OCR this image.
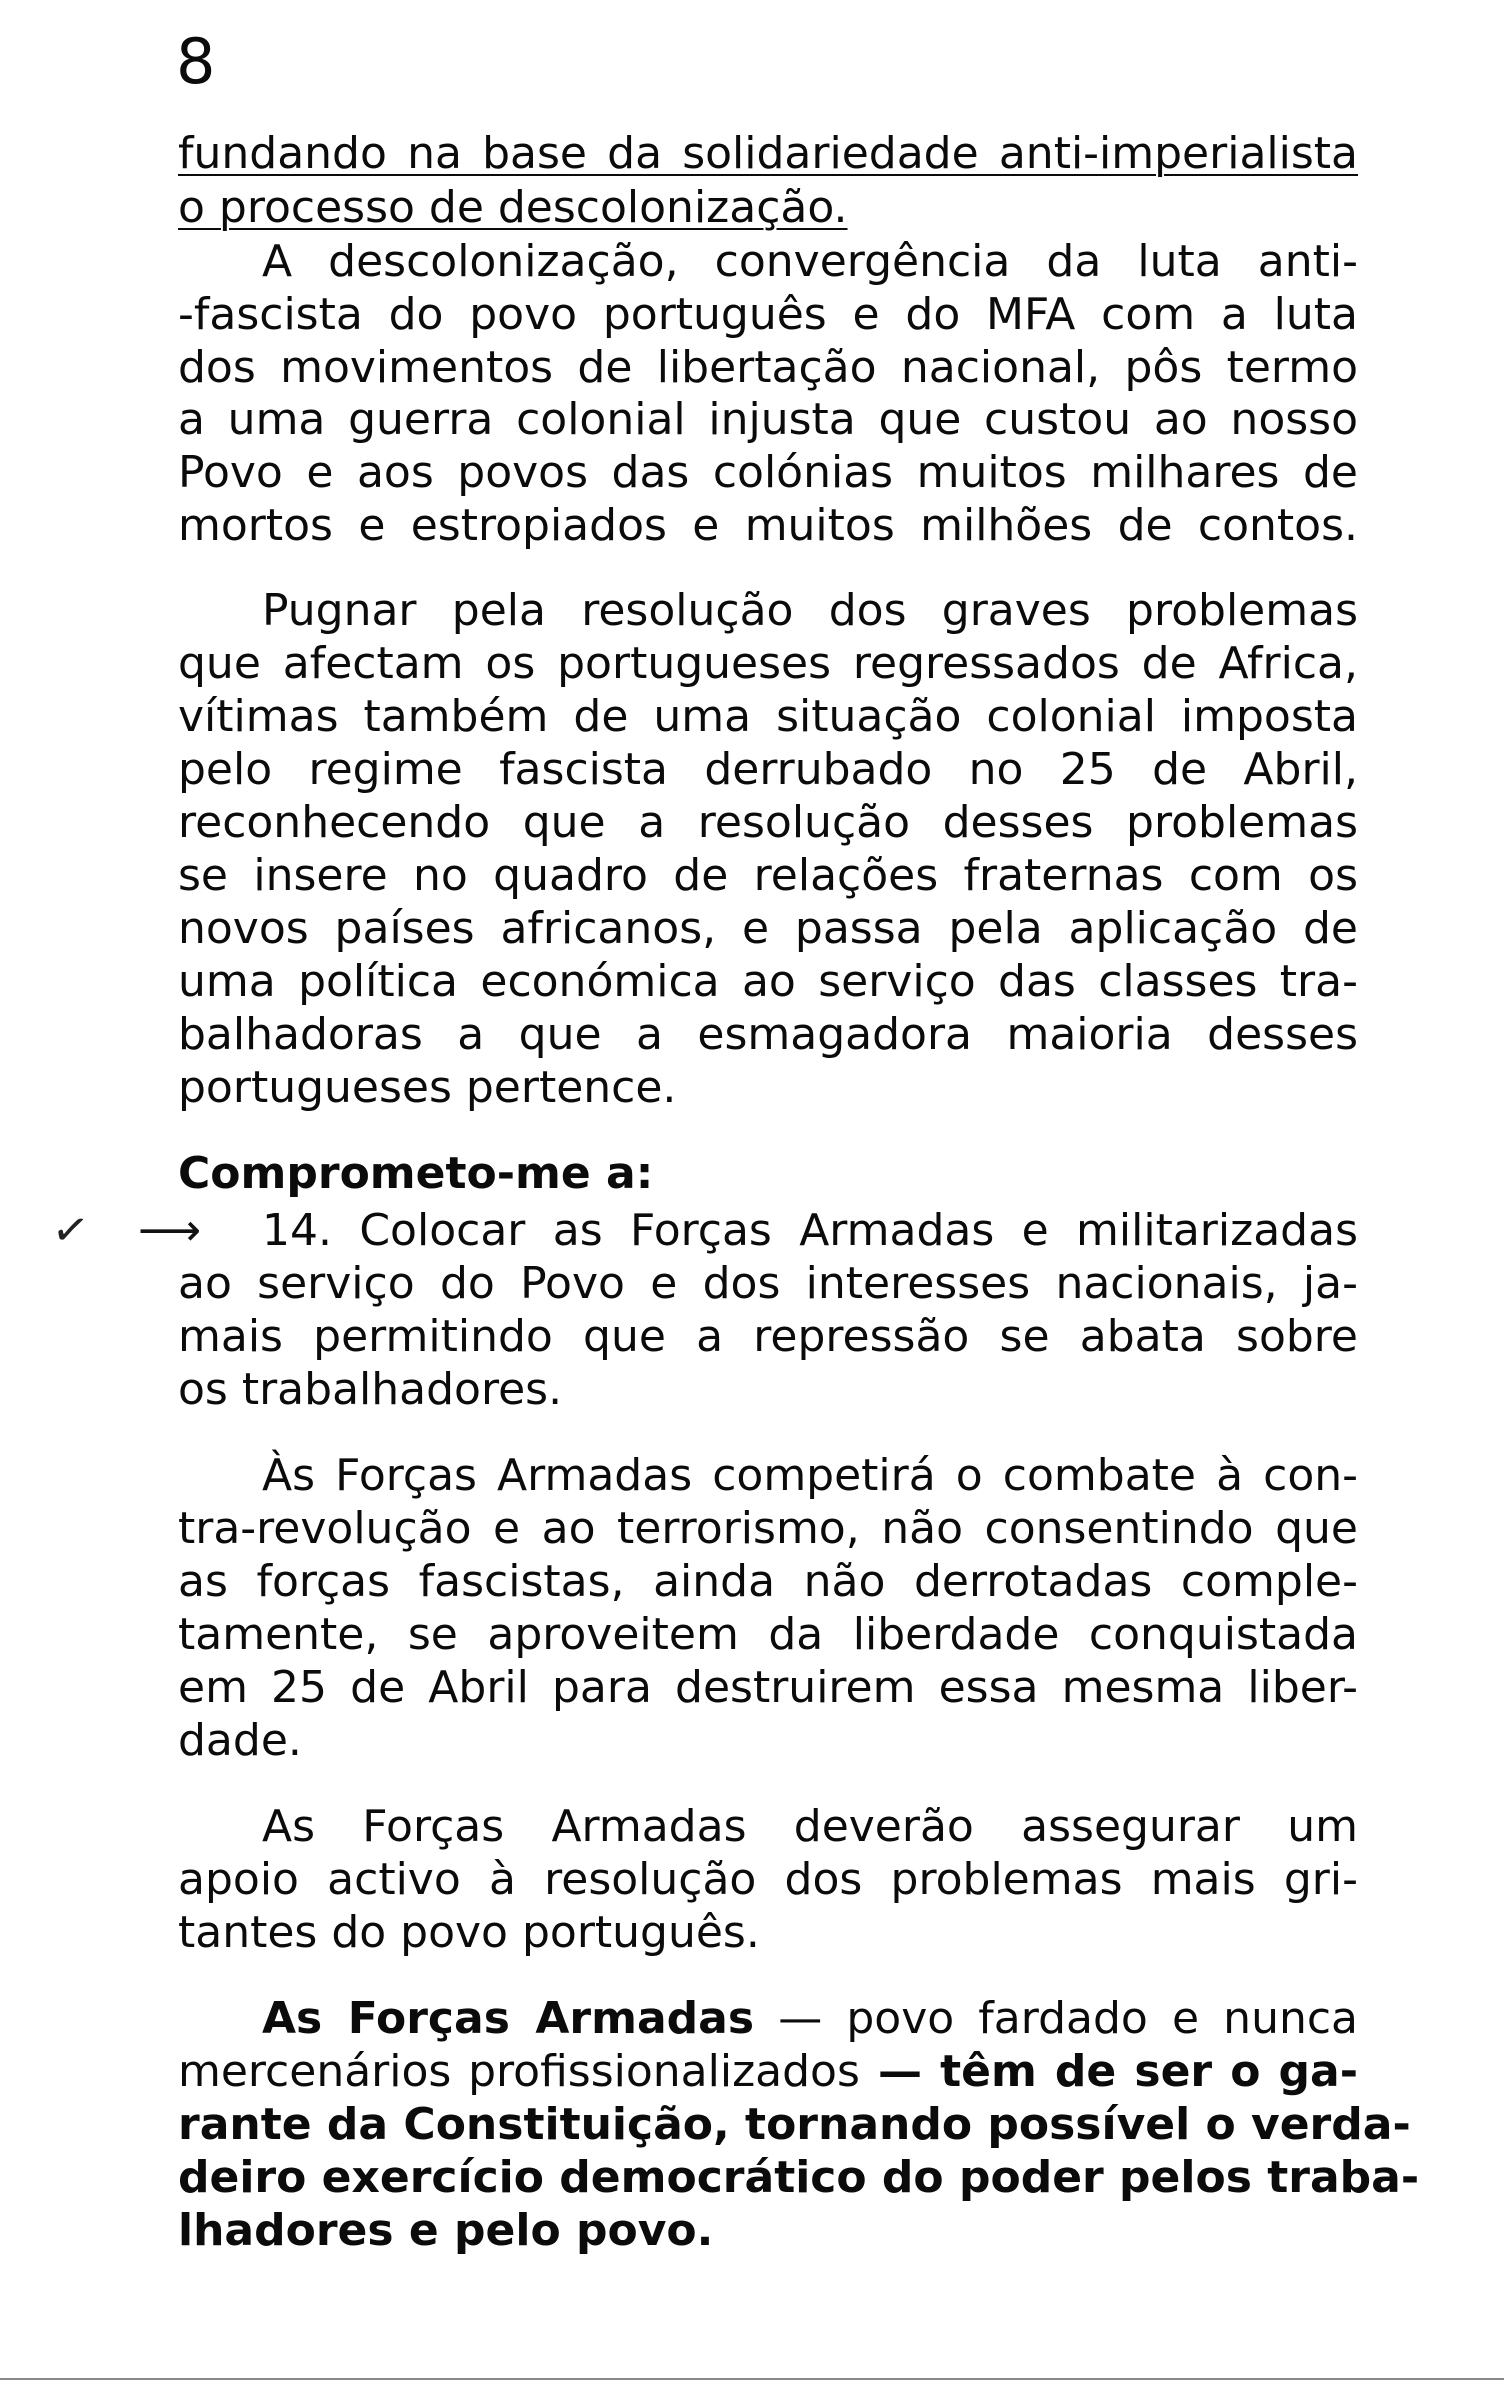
8
fundando na base da solidariedade anti-imperialista
o processo de descolonização.
A descolonização, convergência da luta anti-
-fascista do povo português e do MFA com a luta
dos movimentos de libertação nacional, pôs termo
a uma guerra colonial injusta que custou ao nosso
Povo e aos povos das colónias muitos milhares de
mortos e estropiados e muitos milhões de contos.
Pugnar pela resolução dos graves problemas
que afectam os portugueses regressados de Africa,
vítimas também de uma situação colonial imposta
pelo regime fascista derrubado no 25 de Abril,
reconhecendo que a resolução desses problemas
se insere no quadro de relações fraternas com os
novos países africanos, e passa pela aplicação de
uma política económica ao serviço das classes tra-
balhadoras a que a esmagadora maioria desses
portugueses pertence.
Comprometo-me a:
14. Colocar as Forças Armadas e militarizadas
ao serviço do Povo e dos interesses nacionais, ja-
mais permitindo que a repressão se abata sobre
os trabalhadores.
Às Forças Armadas competirá o combate à con-
tra-revolução e ao terrorismo, não consentindo que
as forças fascistas, ainda não derrotadas comple-
tamente, se aproveitem da liberdade conquistada
em 25 de Abril para destruirem essa mesma liber-
dade.
As Forças Armadas deverão assegurar um
apoio activo à resolução dos problemas mais gri-
tantes do povo português.
As Forças Armadas — povo fardado e nunca
mercenários profissionalizados — têm de ser o ga-
rante da Constituição, tornando possível o verda-
deiro exercício democrático do poder pelos traba-
lhadores e pelo povo.
✓ ⟶
